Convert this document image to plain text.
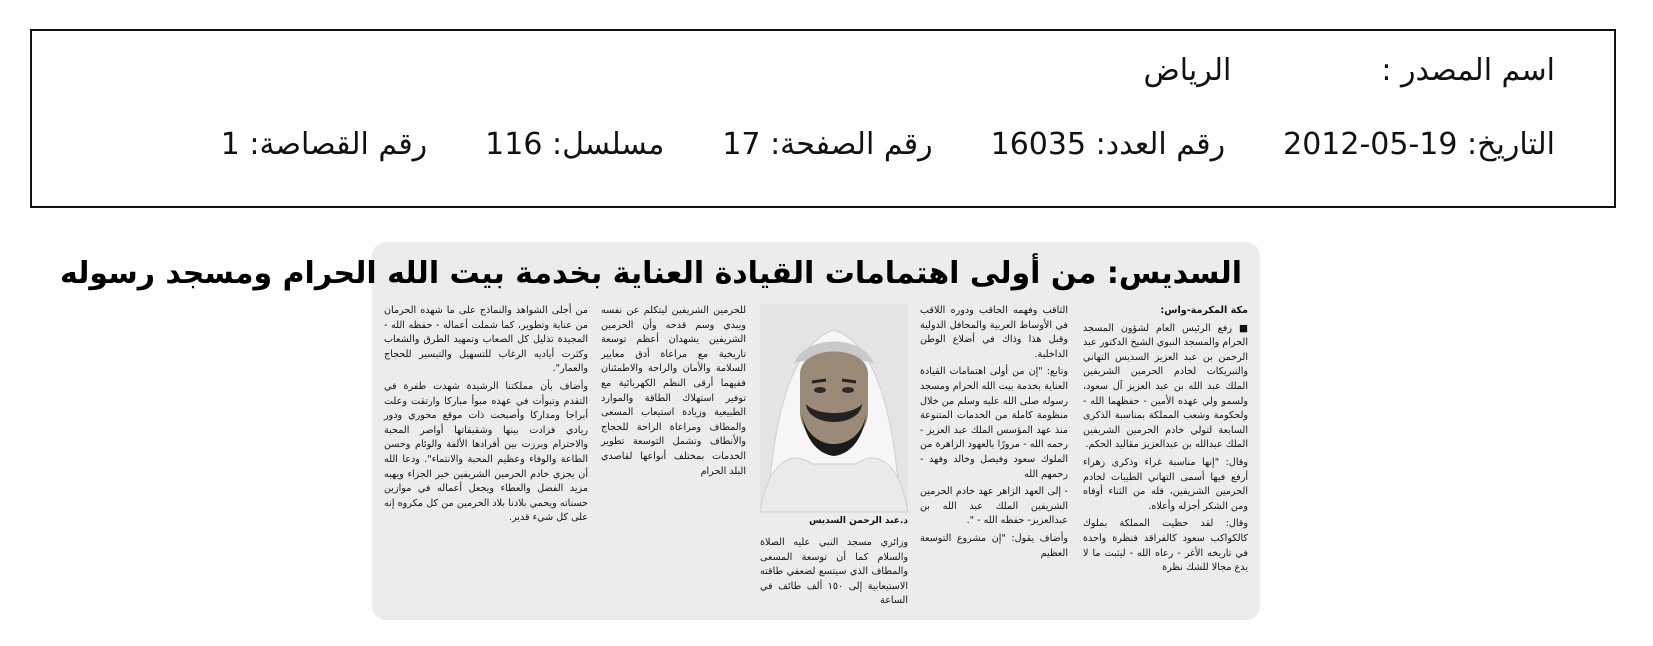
اسم المصدر :الرياض
التاريخ: 2012-05-19
رقم العدد: 16035
رقم الصفحة: 17
مسلسل: 116
رقم القصاصة: 1
السديس: من أولى اهتمامات القيادة العناية بخدمة بيت الله الحرام ومسجد رسوله

مكة المكرمة-واس:

■ رفع الرئيس العام لشؤون المسجد الحرام والمسجد النبوي الشيخ الدكتور عبد الرحمن بن عبد العزيز السديس التهاني والتبريكات لخادم الحرمين الشريفين الملك عبد الله بن عبد العزيز آل سعود، ولسمو ولي عهده الأمين - حفظهما الله - ولحكومة وشعب المملكة بمناسبة الذكرى السابعة لتولي خادم الحرمين الشريفين الملك عبدالله بن عبدالعزيز مقاليد الحكم.

وقال: "إنها مناسبة غراء وذكرى زهراء أرفع فيها أسمى التهاني الطيبات لخادم الحرمين الشريفين، فله من الثناء أوفاه ومن الشكر أجزله وأعلاه.

وقال: لقد حظيت المملكة بملوك كالكواكب سعود كالفراقد فنظرة واحدة في تاريخه الأغر - رعاه الله - ليثبت ما لا يدع مجالا للشك نظرة

الثاقب وفهمه الحاقب ودوره اللاقب في الأوساط العربية والمحافل الدولية وقبل هذا وذاك في أضلاع الوطن الداخلية.

وتابع: "إن من أولى اهتمامات القيادة العناية بخدمة بيت الله الحرام ومسجد رسوله صلى الله عليه وسلم من خلال منظومة كاملة من الخدمات المتنوعة منذ عهد المؤسس الملك عبد العزيز - رحمه الله - مرورًا بالعهود الزاهرة من الملوك سعود وفيصل وخالد وفهد - رحمهم الله

- إلى العهد الزاهر عهد خادم الحرمين الشريفين الملك عبد الله بن عبدالعزيز- حفظه الله - ".

وأضاف يقول: "إن مشروع التوسعة العظيم

د.عبد الرحمن السديس
وزائري مسجد النبي عليه الصلاة والسلام كما أن توسعة المسعى والمطاف الذي سيتسع لضعفي طاقته الاستيعابية إلى ١٥٠ ألف طائف في الساعة

للحرمين الشريفين ليتكلم عن نفسه ويبدي وسم قدحه وأن الحرمين الشريفين يشهدان أعظم توسعة تاريخية مع مراعاة أدق معايير السلامة والأمان والراحة والاطمئنان ففيهما أرقى النظم الكهربائية مع توفير استهلاك الطاقة والموارد الطبيعية وزيادة استيعاب المسعى والمطاف ومراعاة الراحة للحجاج والأنطاف وتشمل التوسعة تطوير الخدمات بمختلف أنواعها لقاصدي البلد الحرام

من أجلى الشواهد والنماذج على ما شهده الحرمان من عناية وتطوير، كما شملت أعماله - حفظه الله - المجيدة تذليل كل الصعاب وتمهيد الطرق والشعاب وكثرت أياديه الرغاب للتسهيل والتيسير للحجاج والعمار".

وأضاف بأن مملكتنا الرشيدة شهدت طفرة في التقدم وتبوأت في عهده مبوأ مباركا وارتقت وعلت أبراجا ومداركا وأصبحت ذات موقع محوري ودور ريادي فزادت بينها وشقيقاتها أواصر المحبة والاحترام وبرزت بين أفرادها الألفة والوئام وحسن الطاعة والوفاء وعظيم المحبة والانتماء". ودعا الله أن يجزي خادم الحرمين الشريفين خير الجزاء ويهبه مزيد الفضل والعطاء ويجعل أعماله في موازين حسناته ويحمي بلادنا بلاد الحرمين من كل مكروه إنه على كل شيء قدير.
